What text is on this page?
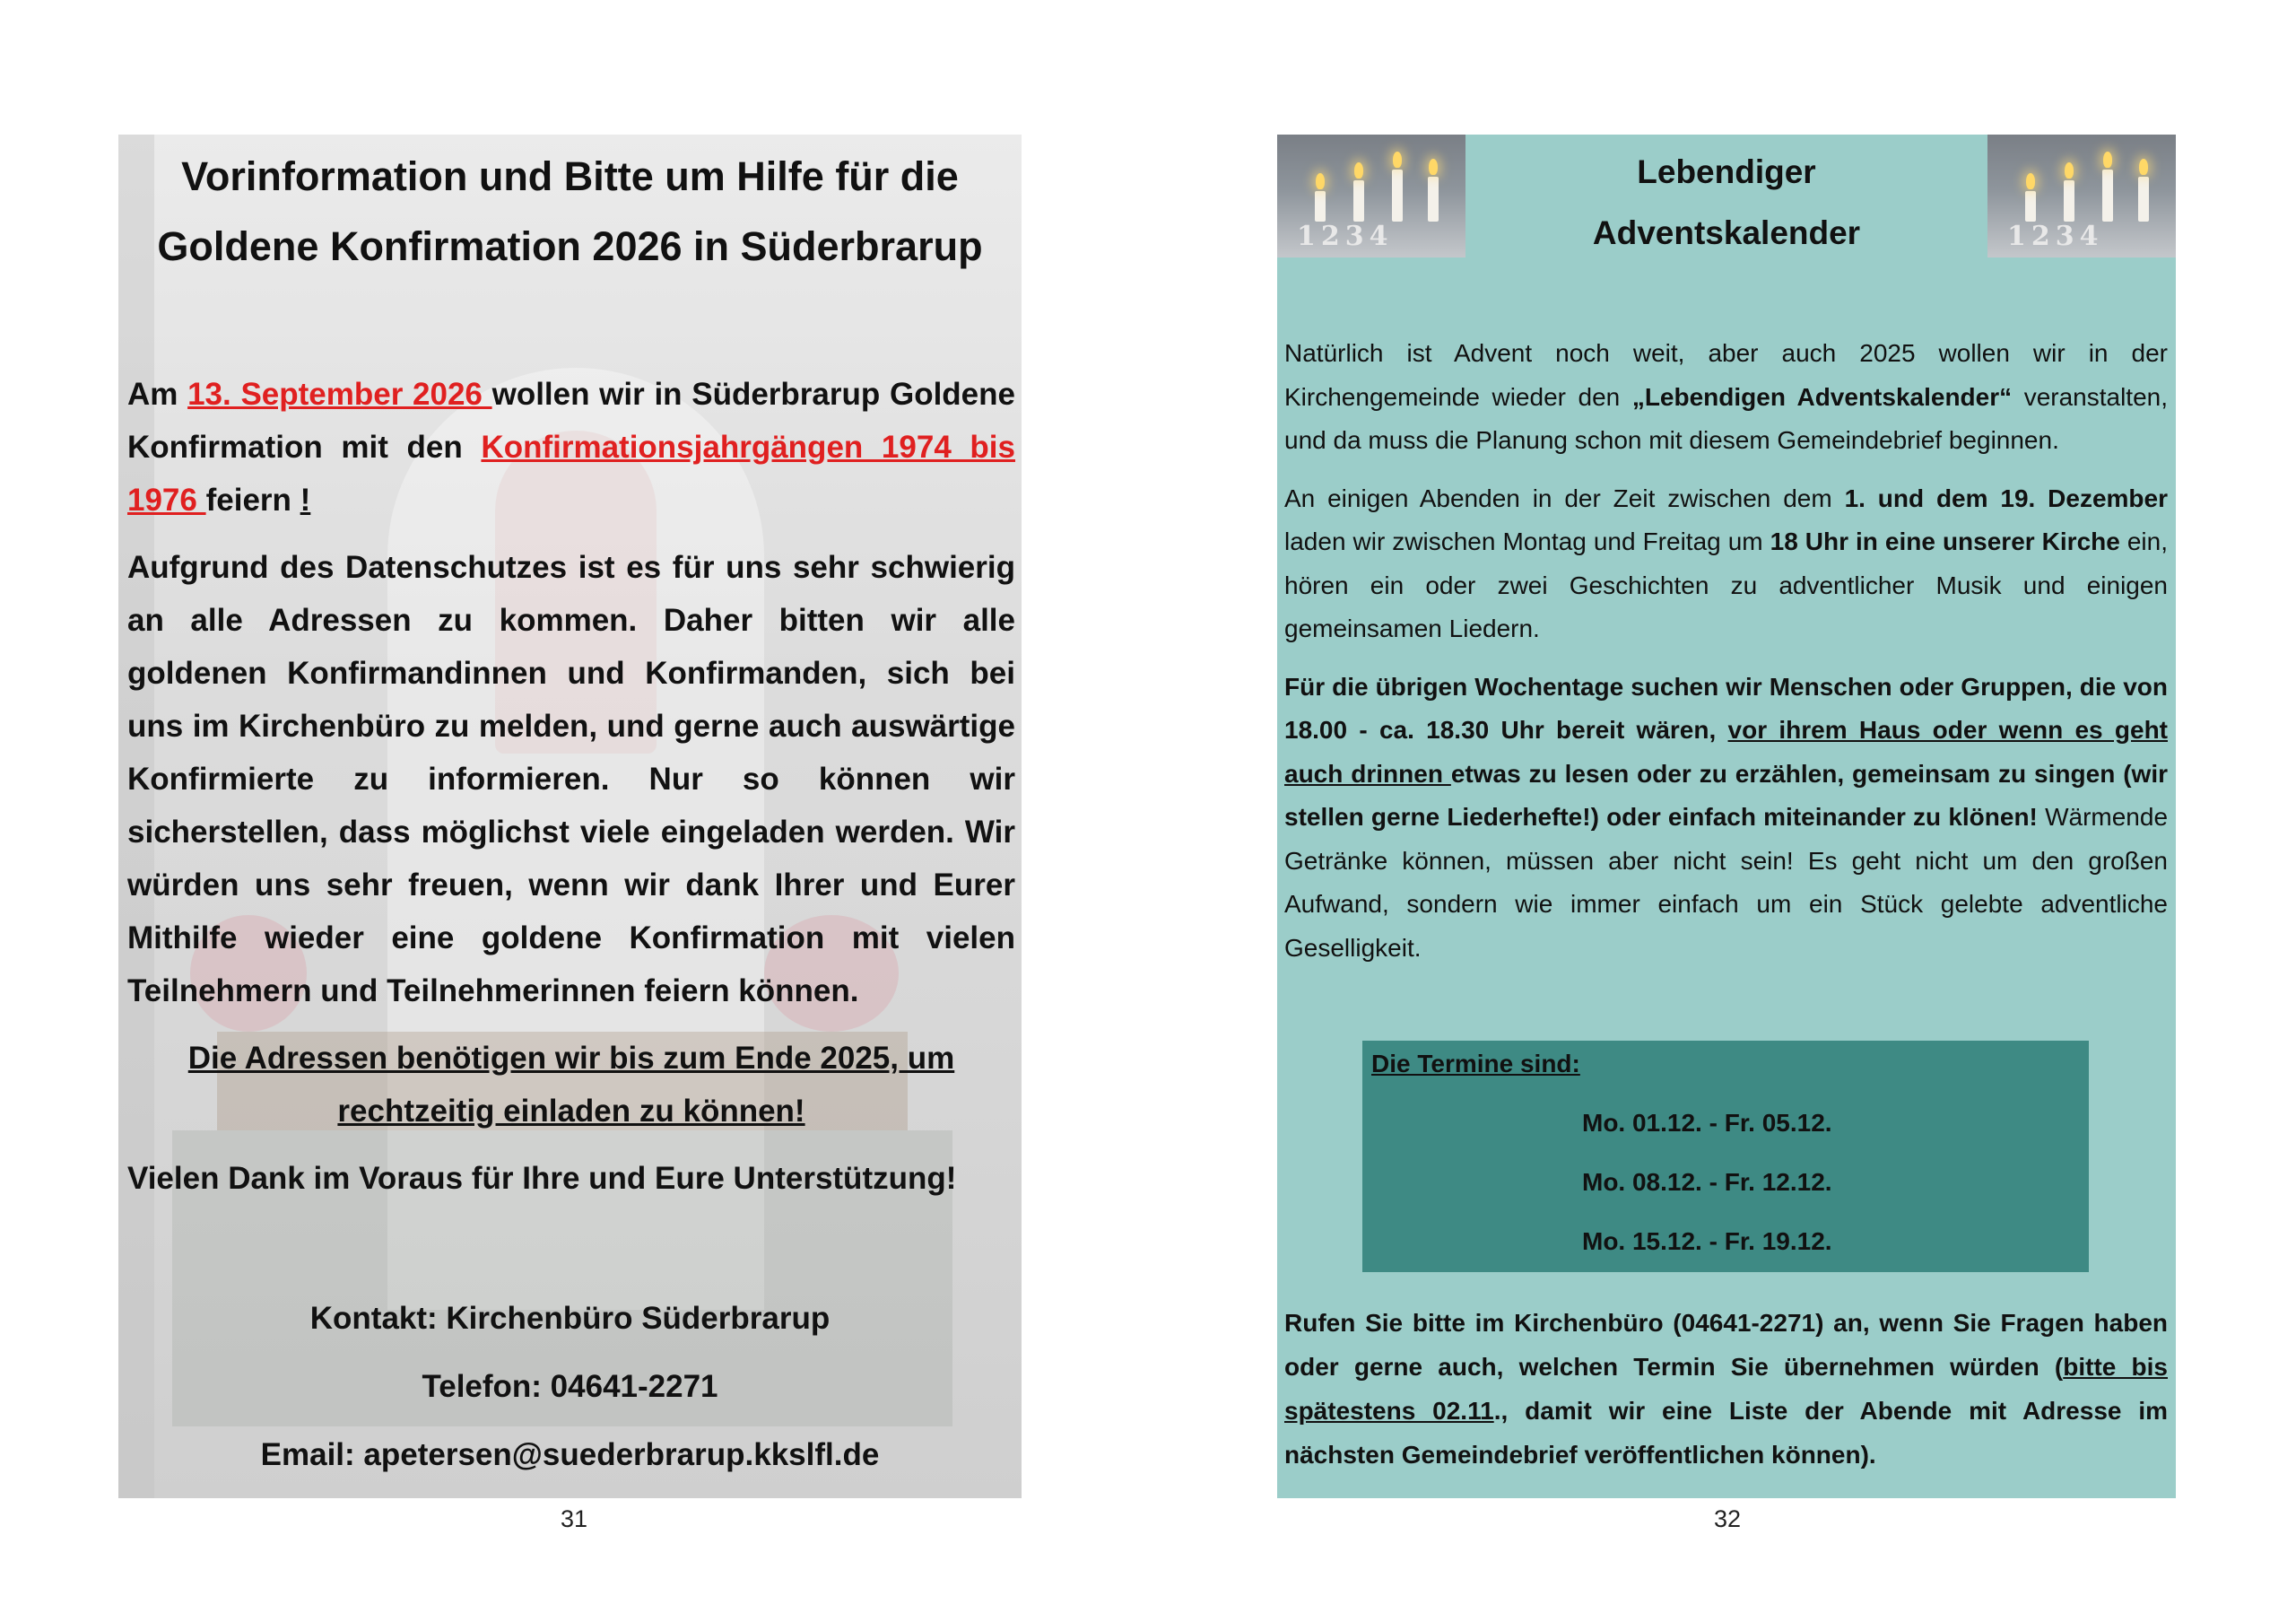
Vorinformation und Bitte um Hilfe für die
Goldene Konfirmation 2026 in Süderbrarup

Am 13. September 2026 wollen wir in Süderbrarup Goldene Konfirmation mit den Konfirmationsjahrgängen 1974 bis 1976 feiern !

Aufgrund des Datenschutzes ist es für uns sehr schwierig an alle Adressen zu kommen. Daher bitten wir alle goldenen Konfirmandinnen und Konfirmanden, sich bei uns im Kirchenbüro zu melden, und gerne auch auswärtige Konfirmierte zu informieren. Nur so können wir sicherstellen, dass möglichst viele eingeladen werden. Wir würden uns sehr freuen, wenn wir dank Ihrer und Eurer Mithilfe wieder eine goldene Konfirmation mit vielen Teilnehmern und Teilnehmerinnen feiern können.

Die Adressen benötigen wir bis zum Ende 2025, um rechtzeitig einladen zu können!

Vielen Dank im Voraus für Ihre und Eure Unterstützung!

Kontakt: Kirchenbüro Süderbrarup
Telefon: 04641-2271
Email: apetersen@suederbrarup.kkslfl.de
31
1234	1234
Lebendiger
Adventskalender

Natürlich ist Advent noch weit, aber auch 2025 wollen wir in der Kirchengemeinde wieder den „Lebendigen Adventskalender“ veranstalten, und da muss die Planung schon mit diesem Gemeindebrief beginnen.

An einigen Abenden in der Zeit zwischen dem 1. und dem 19. Dezember laden wir zwischen Montag und Freitag um 18 Uhr in eine unserer Kirche ein, hören ein oder zwei Geschichten zu adventlicher Musik und einigen gemeinsamen Liedern.

Für die übrigen Wochentage suchen wir Menschen oder Gruppen, die von 18.00 - ca. 18.30 Uhr bereit wären, vor ihrem Haus oder wenn es geht auch drinnen etwas zu lesen oder zu erzählen, gemeinsam zu singen (wir stellen gerne Liederhefte!) oder einfach miteinander zu klönen! Wärmende Getränke können, müssen aber nicht sein! Es geht nicht um den großen Aufwand, sondern wie immer einfach um ein Stück gelebte adventliche Geselligkeit.

Die Termine sind:
Mo. 01.12. - Fr. 05.12.
Mo. 08.12. - Fr. 12.12.
Mo. 15.12. - Fr. 19.12.
Rufen Sie bitte im Kirchenbüro (04641-2271) an, wenn Sie Fragen haben oder gerne auch, welchen Termin Sie übernehmen würden (bitte bis spätestens 02.11., damit wir eine Liste der Abende mit Adresse im nächsten Gemeindebrief veröffentlichen können).
32
